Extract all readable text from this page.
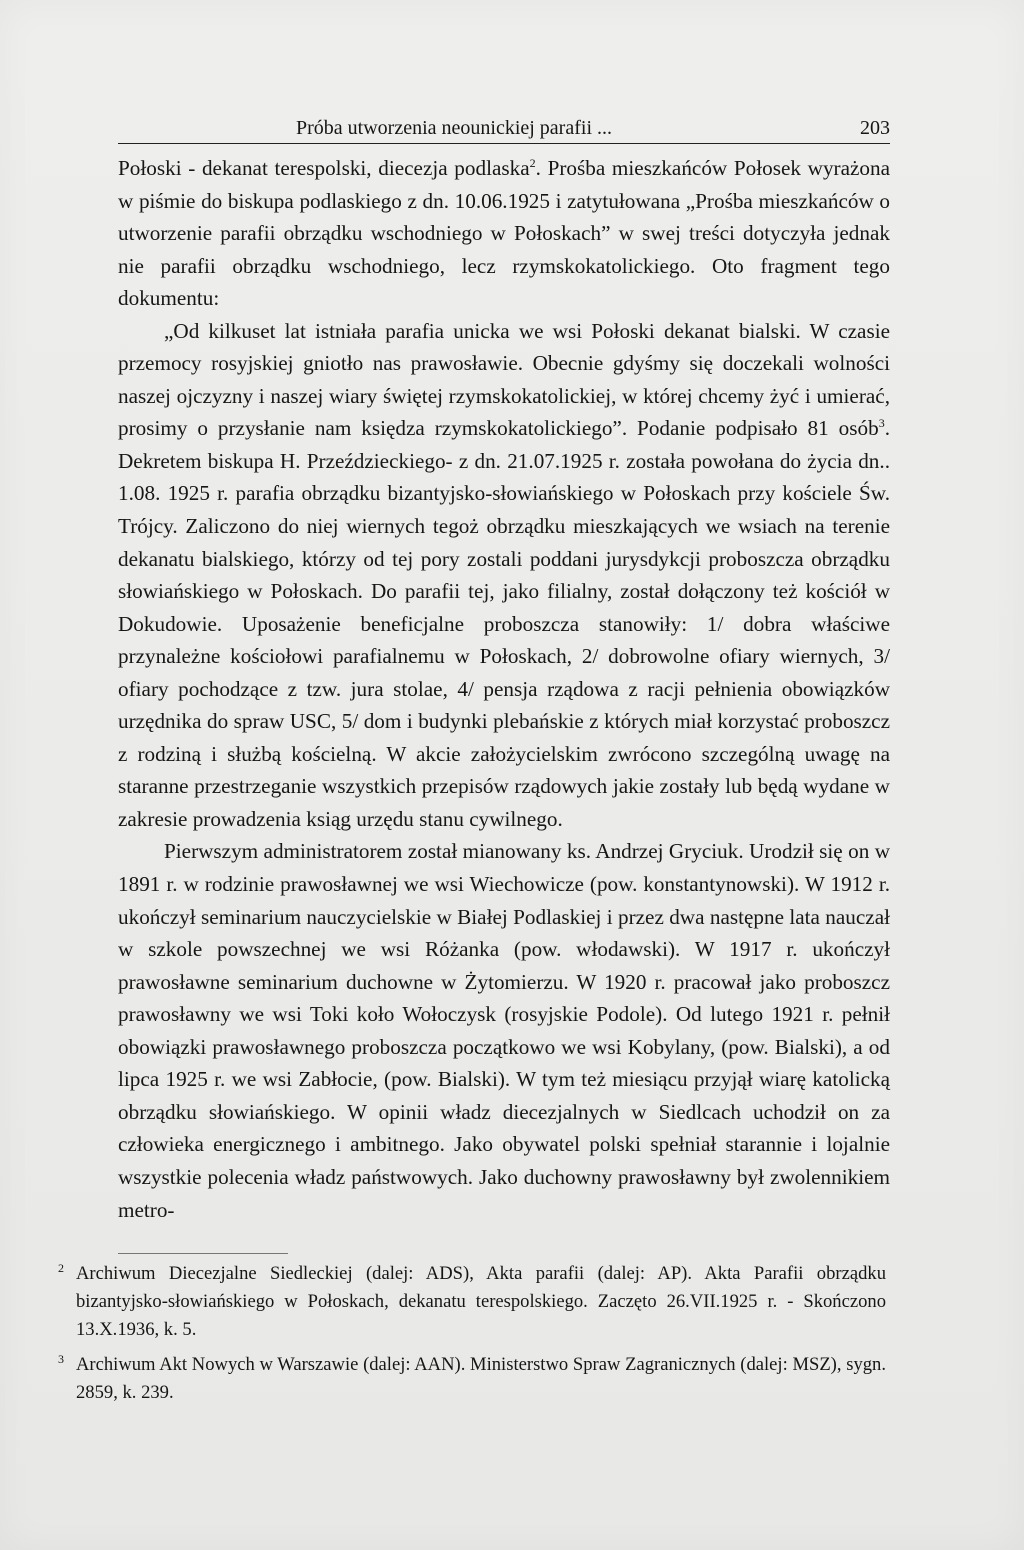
Próba utworzenia neounickiej parafii ...	203

Połoski - dekanat terespolski, diecezja podlaska$^2$. Prośba mieszkańców Połosek wyrażona w piśmie do biskupa podlaskiego z dn. 10.06.1925 i zatytułowana „Prośba mieszkańców o utworzenie parafii obrządku wschodniego w Połoskach” w swej treści dotyczyła jednak nie parafii obrządku wschodniego, lecz rzymskokatolickiego. Oto fragment tego dokumentu:

„Od kilkuset lat istniała parafia unicka we wsi Połoski dekanat bialski. W czasie przemocy rosyjskiej gniotło nas prawosławie. Obecnie gdyśmy się doczekali wolności naszej ojczyzny i naszej wiary świętej rzymskokatolickiej, w której chcemy żyć i umierać, prosimy o przysłanie nam księdza rzymskokatolickiego”. Podanie podpisało 81 osób$^3$. Dekretem biskupa H. Przeździeckiego- z dn. 21.07.1925 r. została powołana do życia dn.. 1.08. 1925 r. parafia obrządku bizantyjsko-słowiańskiego w Połoskach przy kościele Św. Trójcy. Zaliczono do niej wiernych tegoż obrządku mieszkających we wsiach na terenie dekanatu bialskiego, którzy od tej pory zostali poddani jurysdykcji proboszcza obrządku słowiańskiego w Połoskach. Do parafii tej, jako filialny, został dołączony też kościół w Dokudowie. Uposażenie beneficjalne proboszcza stanowiły: 1/ dobra właściwe przynależne kościołowi parafialnemu w Połoskach, 2/ dobrowolne ofiary wiernych, 3/ ofiary pochodzące z tzw. jura stolae, 4/ pensja rządowa z racji pełnienia obowiązków urzędnika do spraw USC, 5/ dom i budynki plebańskie z których miał korzystać proboszcz z rodziną i służbą kościelną. W akcie założycielskim zwrócono szczególną uwagę na staranne przestrzeganie wszystkich przepisów rządowych jakie zostały lub będą wydane w zakresie prowadzenia ksiąg urzędu stanu cywilnego.

Pierwszym administratorem został mianowany ks. Andrzej Gryciuk. Urodził się on w 1891 r. w rodzinie prawosławnej we wsi Wiechowicze (pow. konstantynowski). W 1912 r. ukończył seminarium nauczycielskie w Białej Podlaskiej i przez dwa następne lata nauczał w szkole powszechnej we wsi Różanka (pow. włodawski). W 1917 r. ukończył prawosławne seminarium duchowne w Żytomierzu. W 1920 r. pracował jako proboszcz prawosławny we wsi Toki koło Wołoczysk (rosyjskie Podole). Od lutego 1921 r. pełnił obowiązki prawosławnego proboszcza początkowo we wsi Kobylany, (pow. Bialski), a od lipca 1925 r. we wsi Zabłocie, (pow. Bialski). W tym też miesiącu przyjął wiarę katolicką obrządku słowiańskiego. W opinii władz diecezjalnych w Siedlcach uchodził on za człowieka energicznego i ambitnego. Jako obywatel polski spełniał starannie i lojalnie wszystkie polecenia władz państwowych. Jako duchowny prawosławny był zwolennikiem metro-

2 Archiwum Diecezjalne Siedleckiej (dalej: ADS), Akta parafii (dalej: AP). Akta Parafii obrządku bizantyjsko-słowiańskiego w Połoskach, dekanatu terespolskiego. Zaczęto 26.VII.1925 r. - Skończono 13.X.1936, k. 5.
3 Archiwum Akt Nowych w Warszawie (dalej: AAN). Ministerstwo Spraw Zagranicznych (dalej: MSZ), sygn. 2859, k. 239.
